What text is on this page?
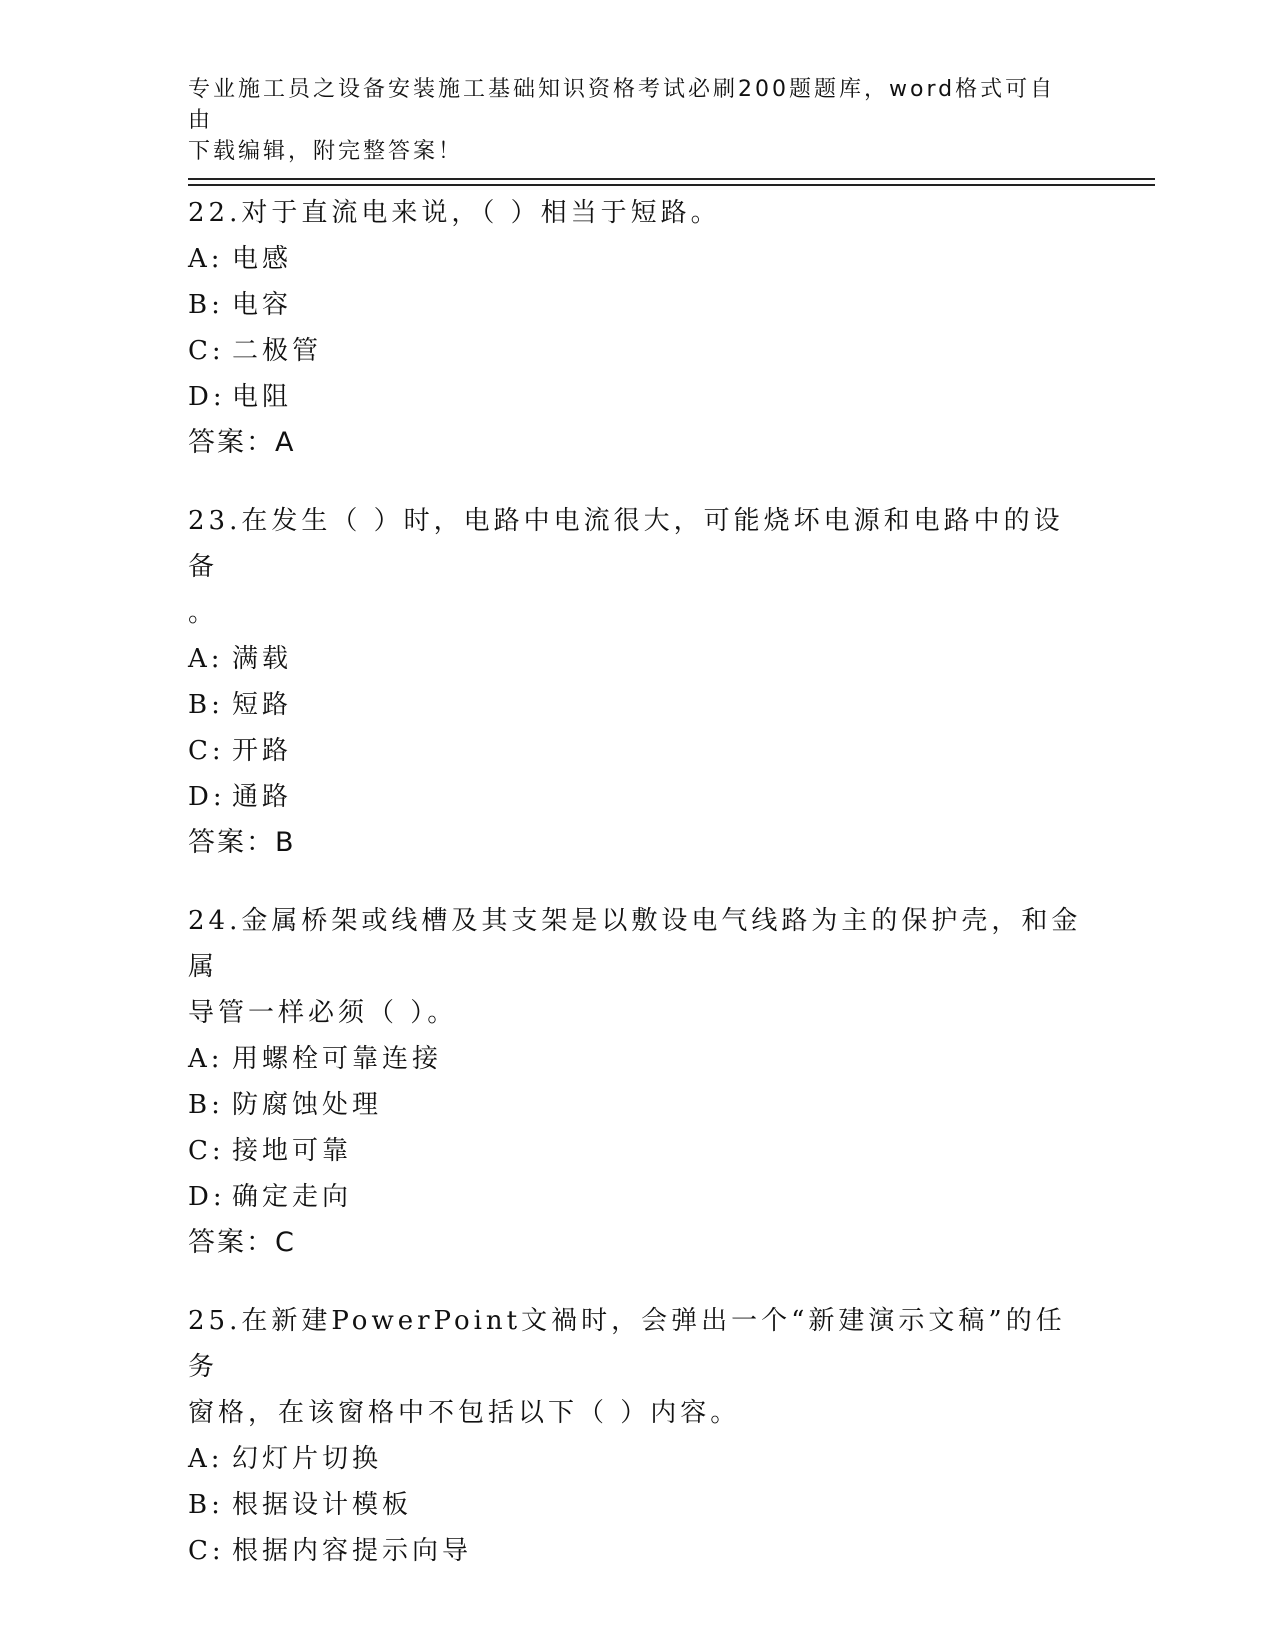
专业施工员之设备安装施工基础知识资格考试必刷200题题库，word格式可自由
下载编辑，附完整答案！
22.对于直流电来说，（ ）相当于短路。
A: 电感
B: 电容
C: 二极管
D: 电阻
答案：A
23.在发生（ ）时，电路中电流很大，可能烧坏电源和电路中的设备
。
A: 满载
B: 短路
C: 开路
D: 通路
答案：B
24.金属桥架或线槽及其支架是以敷设电气线路为主的保护壳，和金属
导管一样必须（ ）。
A: 用螺栓可靠连接
B: 防腐蚀处理
C: 接地可靠
D: 确定走向
答案：C
25.在新建PowerPoint文禍时，会弹出一个“新建演示文稿”的任务
窗格，在该窗格中不包括以下（ ）内容。
A: 幻灯片切换
B: 根据设计模板
C: 根据内容提示向导
